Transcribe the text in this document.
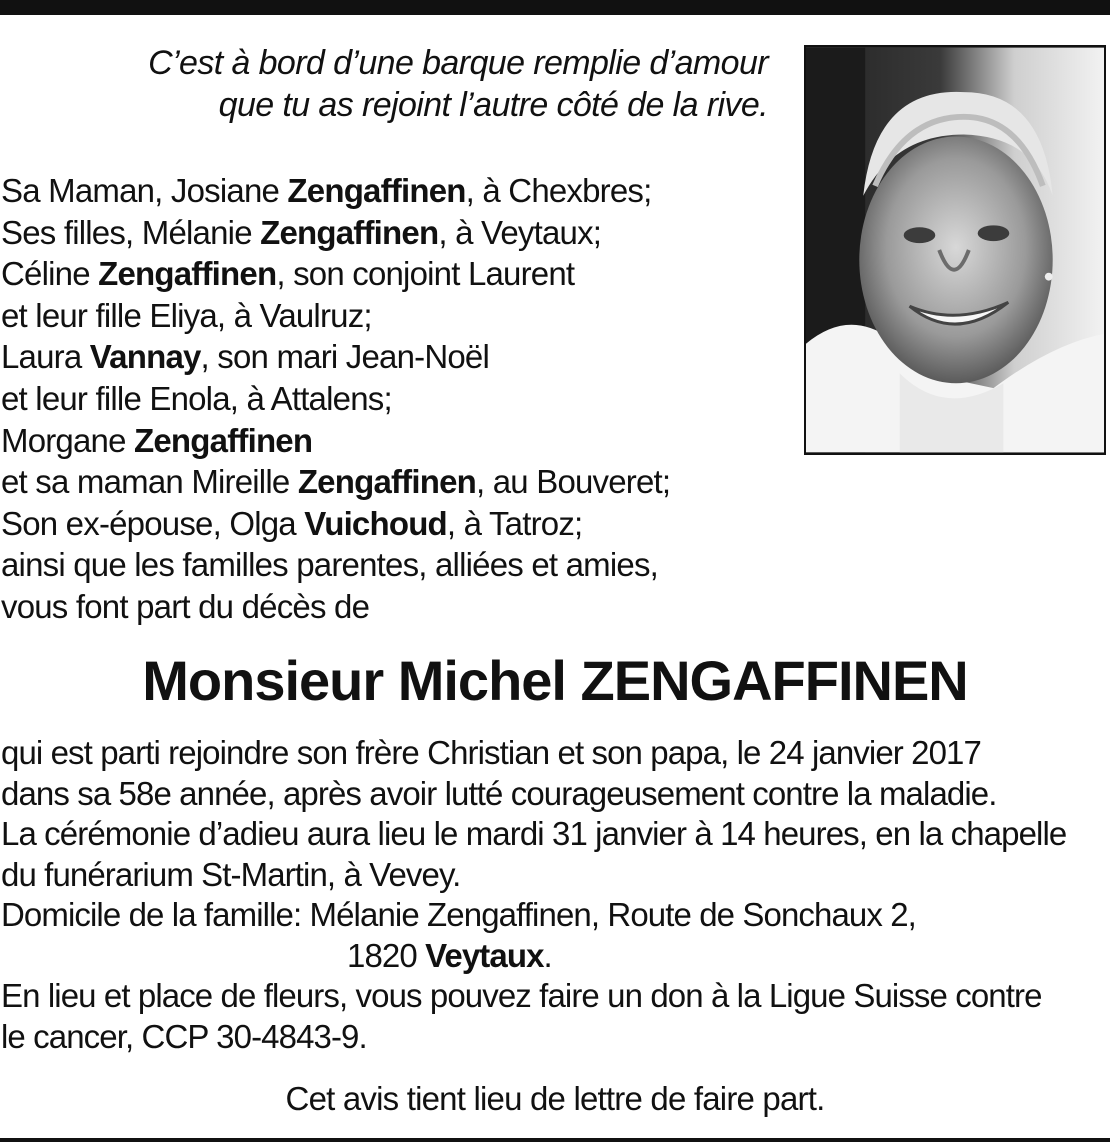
C’est à bord d’une barque remplie d’amour
que tu as rejoint l’autre côté de la rive.
Sa Maman, Josiane Zengaffinen, à Chexbres;
Ses filles, Mélanie Zengaffinen, à Veytaux;
Céline Zengaffinen, son conjoint Laurent
et leur fille Eliya, à Vaulruz;
Laura Vannay, son mari Jean-Noël
et leur fille Enola, à Attalens;
Morgane Zengaffinen
et sa maman Mireille Zengaffinen, au Bouveret;
Son ex-épouse, Olga Vuichoud, à Tatroz;
ainsi que les familles parentes, alliées et amies,
vous font part du décès de
Monsieur Michel ZENGAFFINEN
qui est parti rejoindre son frère Christian et son papa, le 24 janvier 2017
dans sa 58e année, après avoir lutté courageusement contre la maladie.
La cérémonie d’adieu aura lieu le mardi 31 janvier à 14 heures, en la chapelle
du funérarium St-Martin, à Vevey.
Domicile de la famille: Mélanie Zengaffinen, Route de Sonchaux 2,
1820 Veytaux.
En lieu et place de fleurs, vous pouvez faire un don à la Ligue Suisse contre
le cancer, CCP 30-4843-9.
Cet avis tient lieu de lettre de faire part.
